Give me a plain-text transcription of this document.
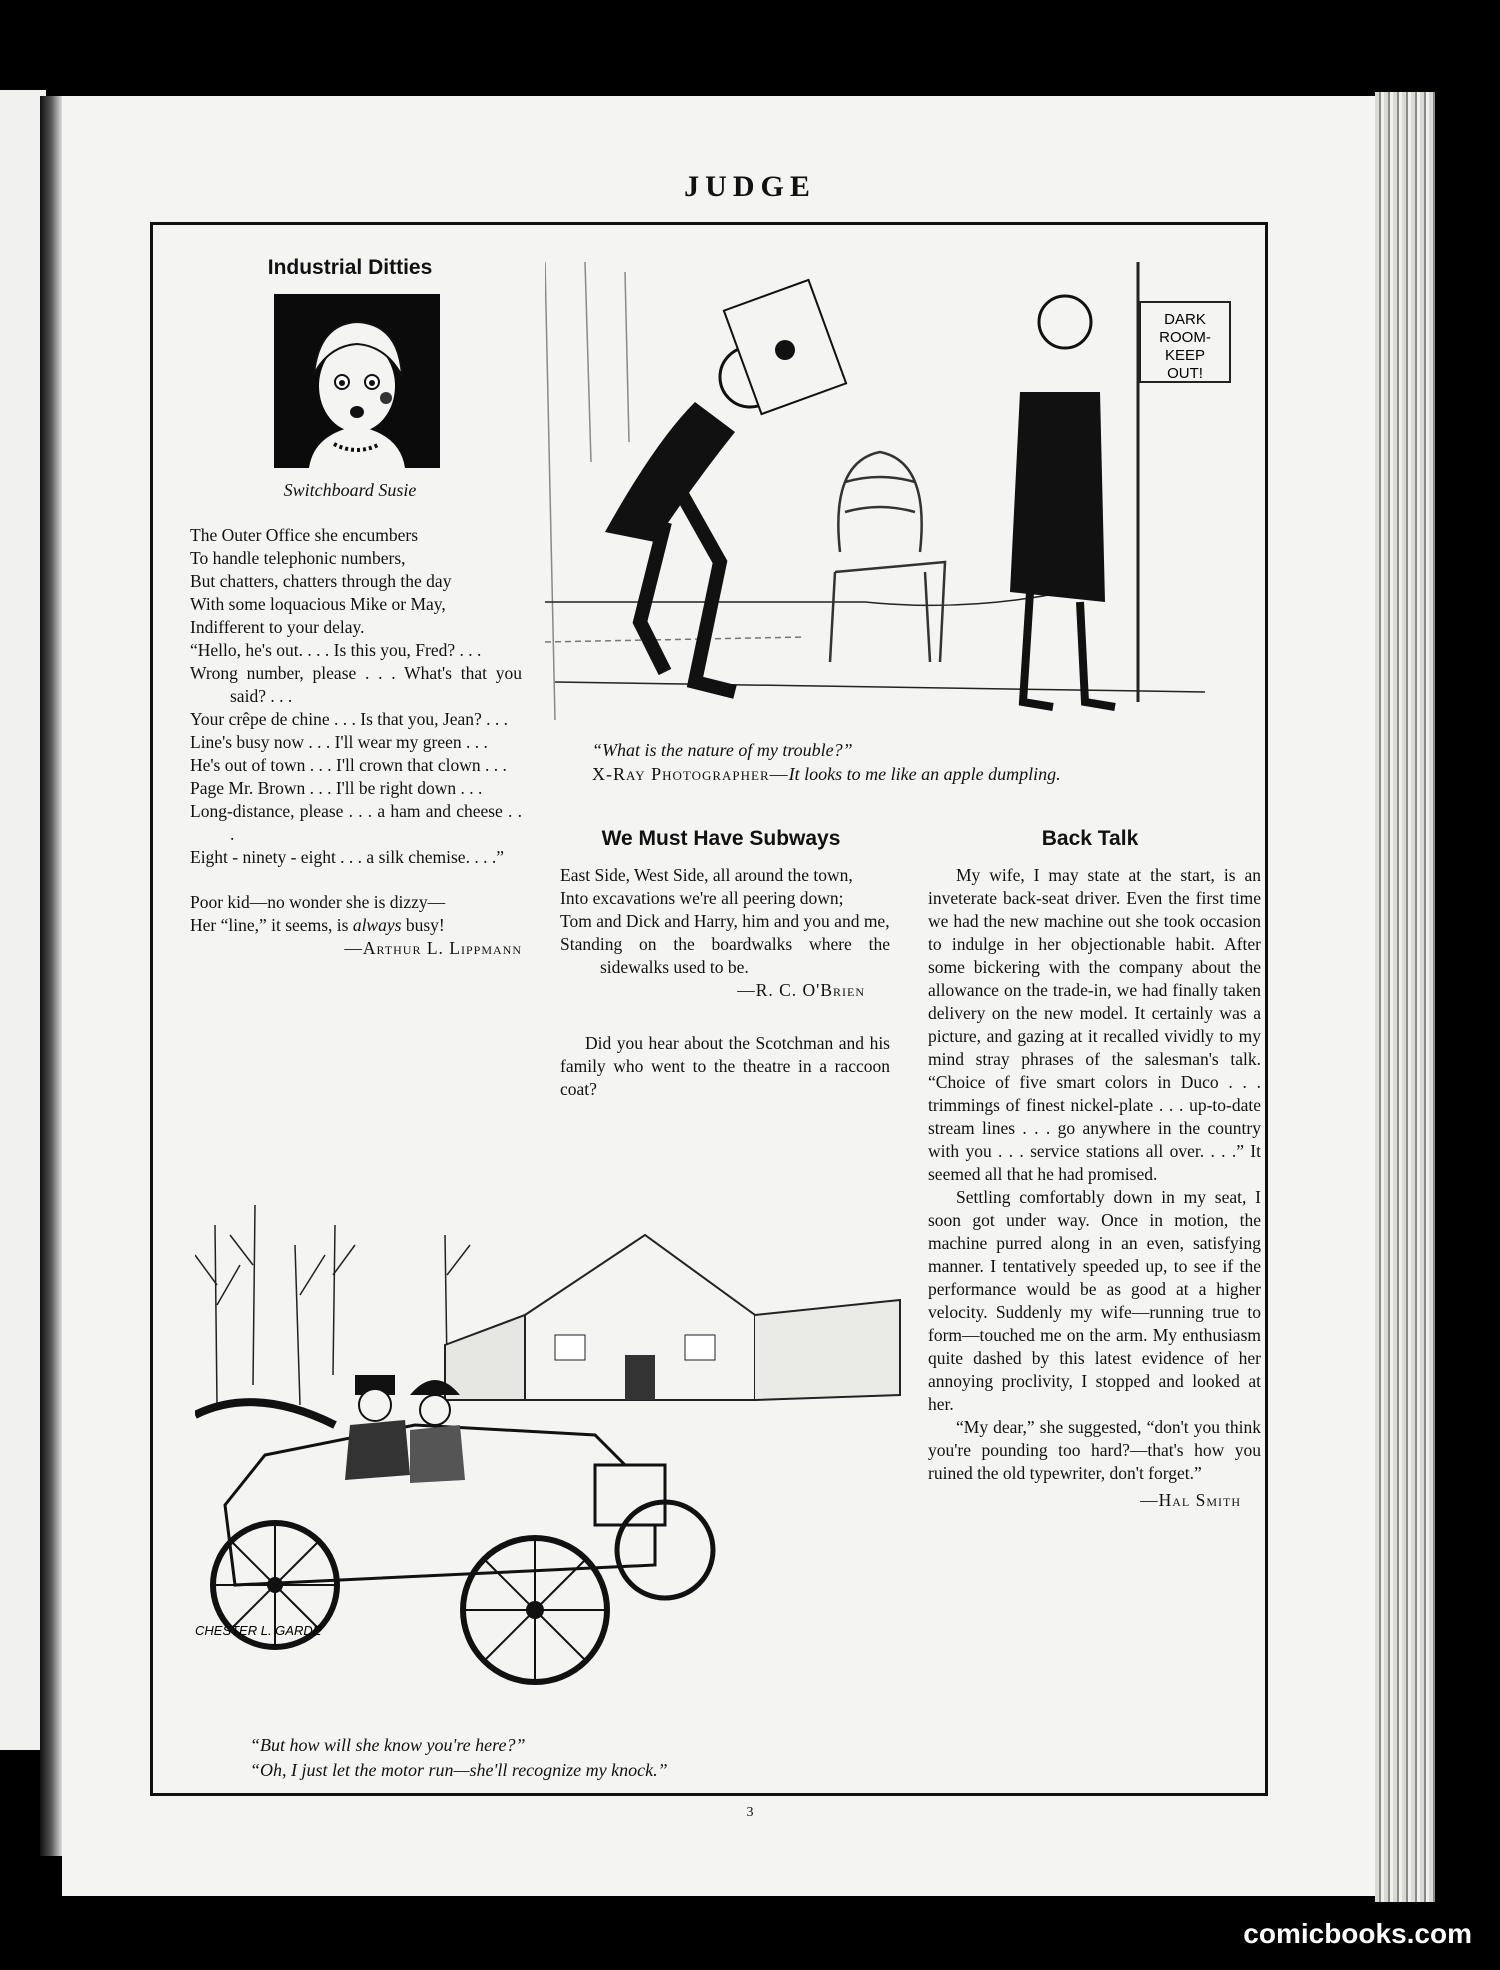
JUDGE
Industrial Ditties
Switchboard Susie

The Outer Office she encumbers

To handle telephonic numbers,

But chatters, chatters through the day

With some loquacious Mike or May,

Indifferent to your delay.

“Hello, he's out. . . . Is this you, Fred? . . .

Wrong number, please . . . What's that you said? . . .

Your crêpe de chine . . . Is that you, Jean? . . .

Line's busy now . . . I'll wear my green . . .

He's out of town . . . I'll crown that clown . . .

Page Mr. Brown . . . I'll be right down . . .

Long-distance, please . . . a ham and cheese . . .

Eight - ninety - eight . . . a silk chemise. . . .”

Poor kid—no wonder she is dizzy—

Her “line,” it seems, is always busy!

—Arthur L. Lippmann

DARK
ROOM-
KEEP
OUT!
“What is the nature of my trouble?”
X-Ray Photographer—It looks to me like an apple dumpling.
We Must Have Subways

East Side, West Side, all around the town,

Into excavations we're all peering down;

Tom and Dick and Harry, him and you and me,

Standing on the boardwalks where the sidewalks used to be.

—R. C. O'Brien

Did you hear about the Scotchman and his family who went to the theatre in a raccoon coat?

Back Talk

My wife, I may state at the start, is an inveterate back-seat driver. Even the first time we had the new machine out she took occasion to indulge in her objectionable habit. After some bickering with the company about the allowance on the trade-in, we had finally taken delivery on the new model. It certainly was a picture, and gazing at it recalled vividly to my mind stray phrases of the salesman's talk. “Choice of five smart colors in Duco . . . trimmings of finest nickel-plate . . . up-to-date stream lines . . . go anywhere in the country with you . . . service stations all over. . . .” It seemed all that he had promised.

Settling comfortably down in my seat, I soon got under way. Once in motion, the machine purred along in an even, satisfying manner. I tentatively speeded up, to see if the performance would be as good at a higher velocity. Suddenly my wife—running true to form—touched me on the arm. My enthusiasm quite dashed by this latest evidence of her annoying proclivity, I stopped and looked at her.

“My dear,” she suggested, “don't you think you're pounding too hard?—that's how you ruined the old typewriter, don't forget.”

—Hal Smith

CHESTER L. GARDE
“But how will she know you're here?”
“Oh, I just let the motor run—she'll recognize my knock.”
3
comicbooks.com
